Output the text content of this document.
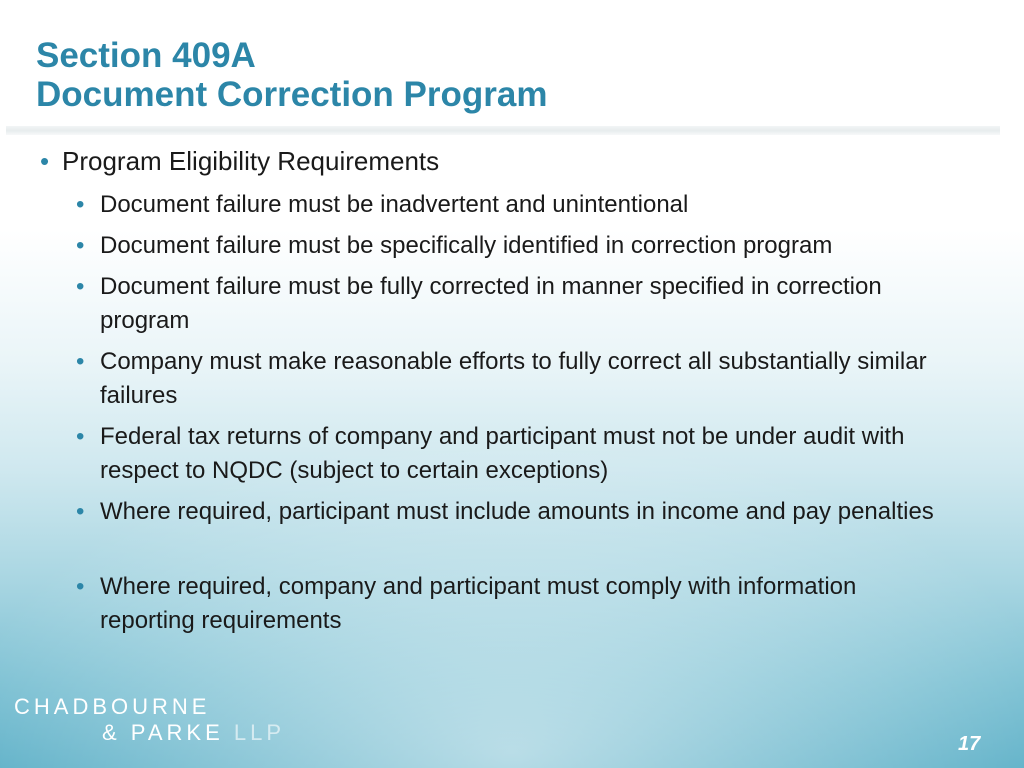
Section 409A
Document Correction Program
• Program Eligibility Requirements
• Document failure must be inadvertent and unintentional
• Document failure must be specifically identified in correction program
• Document failure must be fully corrected in manner specified in correction program
• Company must make reasonable efforts to fully correct all substantially similar failures
• Federal tax returns of company and participant must not be under audit with respect to NQDC (subject to certain exceptions)
• Where required, participant must include amounts in income and pay penalties
• Where required, company and participant must comply with information reporting requirements
CHADBOURNE
& PARKE LLP	17
